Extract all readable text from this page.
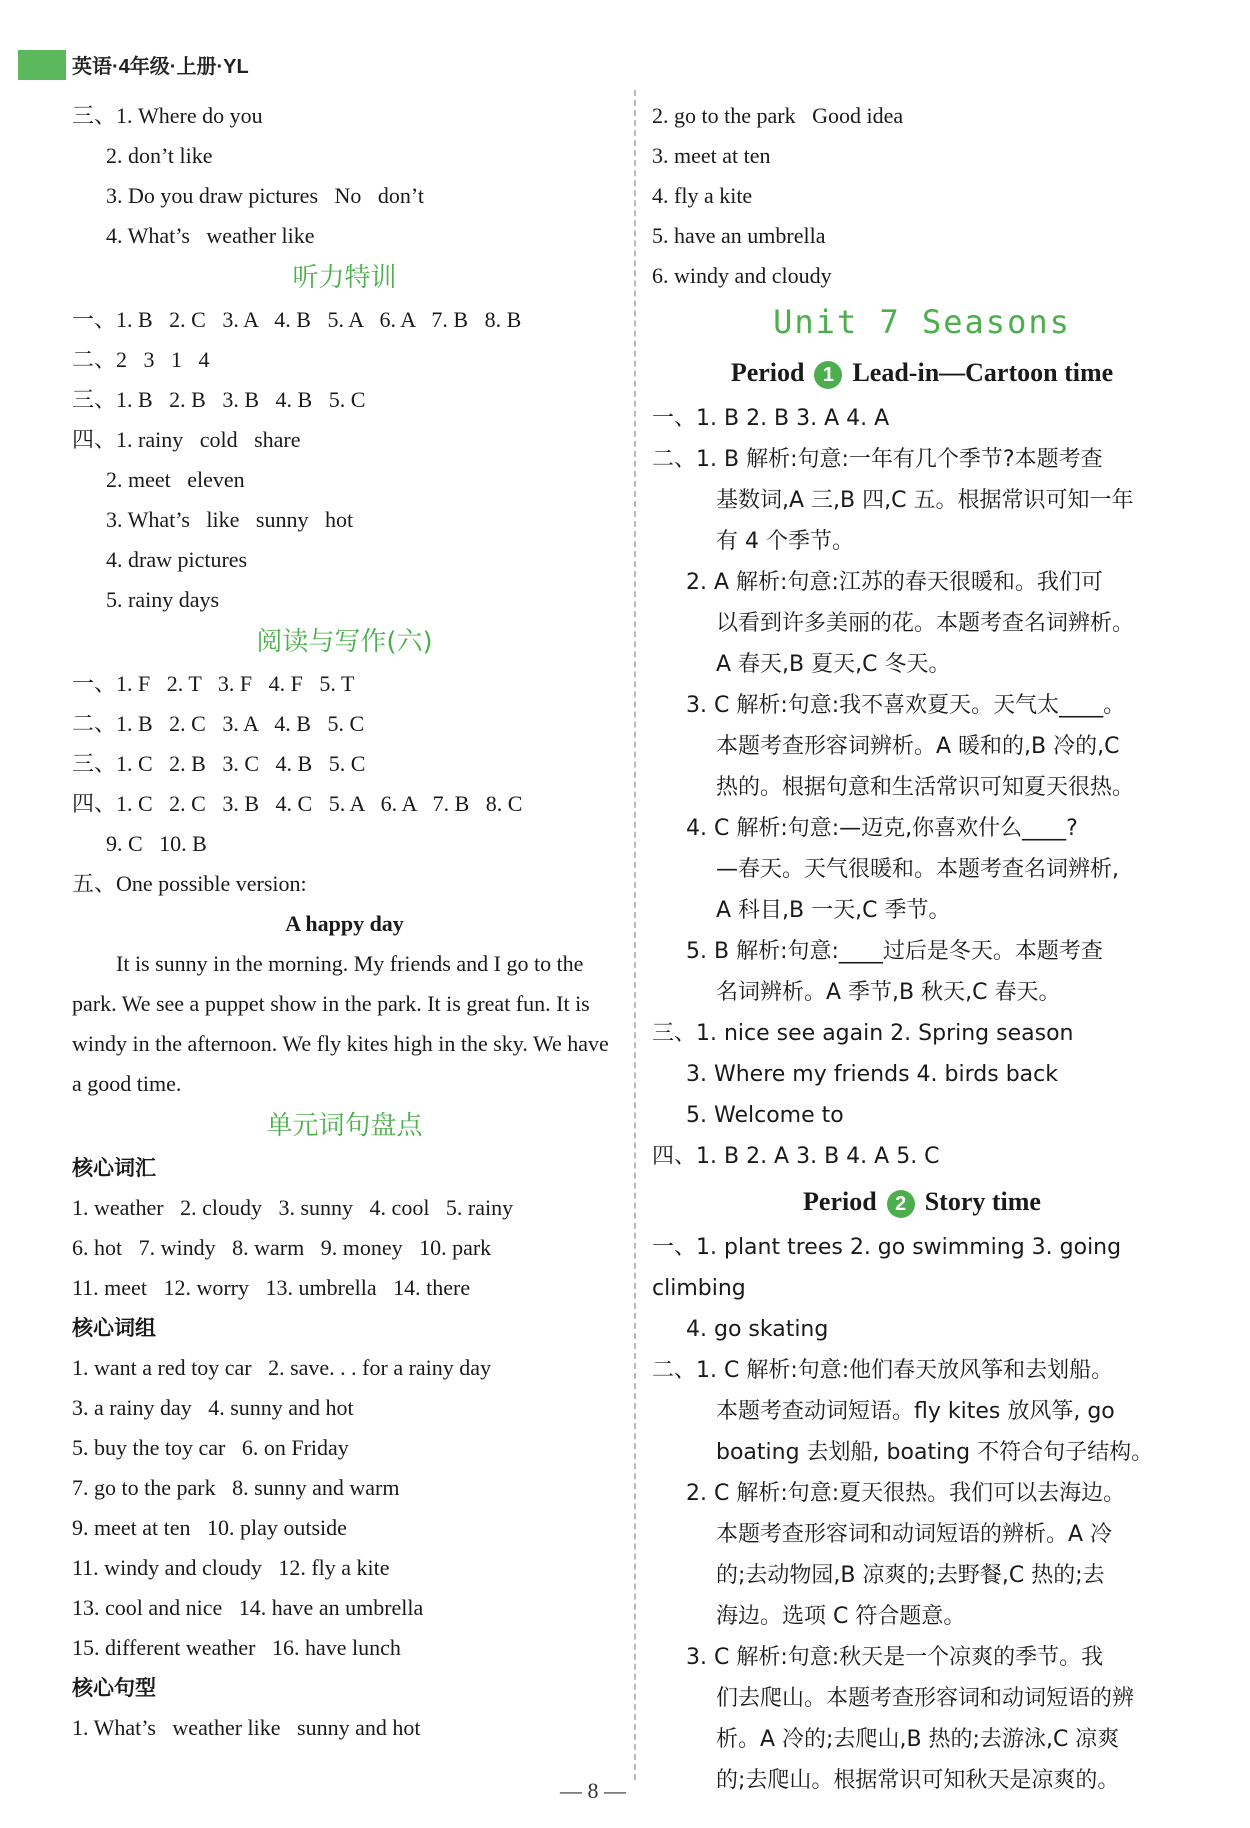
英语·4年级·上册·YL
三、1. Where do you
2. don’t like
3. Do you draw pictures   No   don’t
4. What’s   weather like
听力特训
一、1. B   2. C   3. A   4. B   5. A   6. A   7. B   8. B
二、2   3   1   4
三、1. B   2. B   3. B   4. B   5. C
四、1. rainy   cold   share
2. meet   eleven
3. What’s   like   sunny   hot
4. draw pictures
5. rainy days
阅读与写作(六)
一、1. F   2. T   3. F   4. F   5. T
二、1. B   2. C   3. A   4. B   5. C
三、1. C   2. B   3. C   4. B   5. C
四、1. C   2. C   3. B   4. C   5. A   6. A   7. B   8. C
9. C   10. B
五、One possible version:
A happy day
It is sunny in the morning. My friends and I go to the park. We see a puppet show in the park. It is great fun. It is windy in the afternoon. We fly kites high in the sky. We have a good time.
单元词句盘点
核心词汇
1. weather   2. cloudy   3. sunny   4. cool   5. rainy
6. hot   7. windy   8. warm   9. money   10. park
11. meet   12. worry   13. umbrella   14. there
核心词组
1. want a red toy car   2. save. . . for a rainy day
3. a rainy day   4. sunny and hot
5. buy the toy car   6. on Friday
7. go to the park   8. sunny and warm
9. meet at ten   10. play outside
11. windy and cloudy   12. fly a kite
13. cool and nice   14. have an umbrella
15. different weather   16. have lunch
核心句型
1. What’s   weather like   sunny and hot
2. go to the park   Good idea
3. meet at ten
4. fly a kite
5. have an umbrella
6. windy and cloudy
Unit 7 Seasons
Period 1 Lead-in—Cartoon time
一、1. B 2. B 3. A 4. A
二、1. B 解析:句意:一年有几个季节?本题考查
基数词,A 三,B 四,C 五。根据常识可知一年
有 4 个季节。
2. A 解析:句意:江苏的春天很暖和。我们可
以看到许多美丽的花。本题考查名词辨析。
A 春天,B 夏天,C 冬天。
3. C 解析:句意:我不喜欢夏天。天气太____。
本题考查形容词辨析。A 暖和的,B 冷的,C
热的。根据句意和生活常识可知夏天很热。
4. C 解析:句意:—迈克,你喜欢什么____?
—春天。天气很暖和。本题考查名词辨析,
A 科目,B 一天,C 季节。
5. B 解析:句意:____过后是冬天。本题考查
名词辨析。A 季节,B 秋天,C 春天。
三、1. nice see again 2. Spring season
3. Where my friends 4. birds back
5. Welcome to
四、1. B 2. A 3. B 4. A 5. C
Period 2 Story time
一、1. plant trees 2. go swimming 3. going climbing
4. go skating
二、1. C 解析:句意:他们春天放风筝和去划船。
本题考查动词短语。fly kites 放风筝, go
boating 去划船, boating 不符合句子结构。
2. C 解析:句意:夏天很热。我们可以去海边。
本题考查形容词和动词短语的辨析。A 冷
的;去动物园,B 凉爽的;去野餐,C 热的;去
海边。选项 C 符合题意。
3. C 解析:句意:秋天是一个凉爽的季节。我
们去爬山。本题考查形容词和动词短语的辨
析。A 冷的;去爬山,B 热的;去游泳,C 凉爽
的;去爬山。根据常识可知秋天是凉爽的。
— 8 —
